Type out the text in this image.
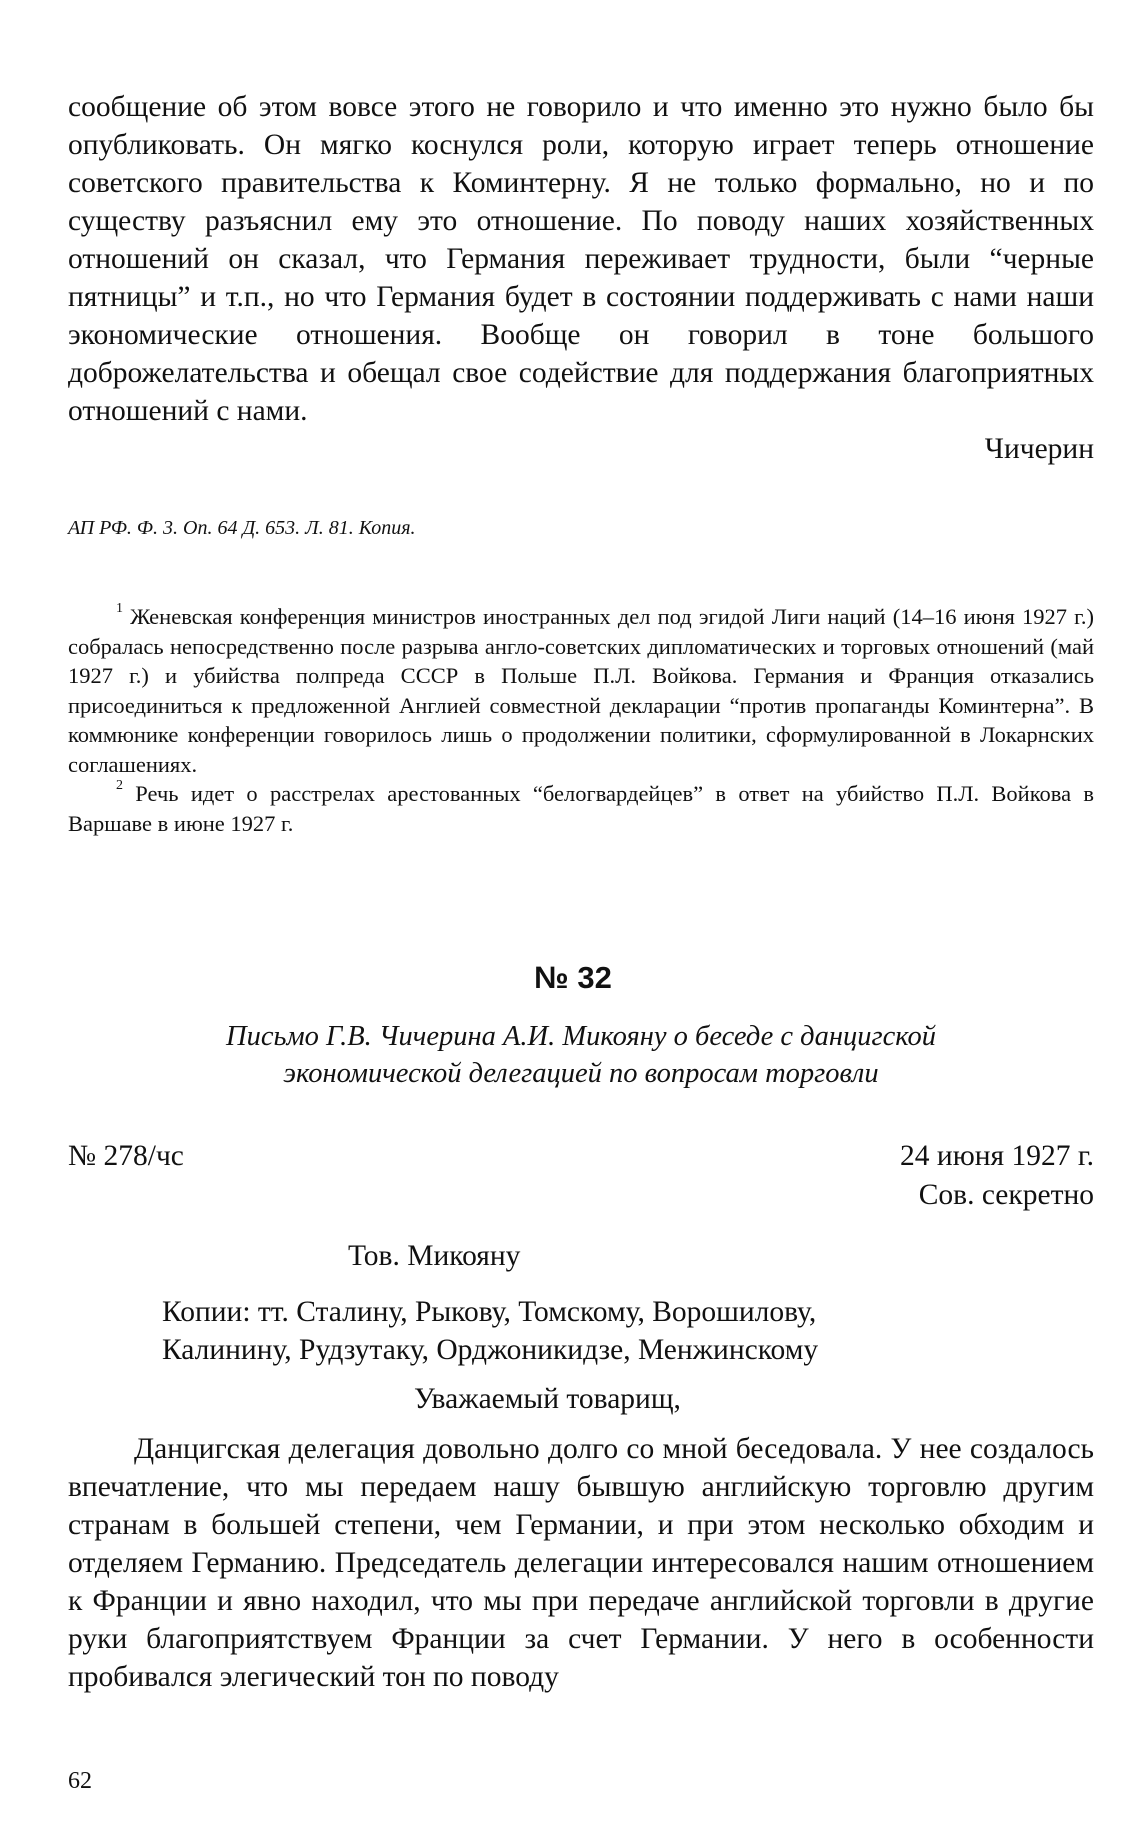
сообщение об этом вовсе этого не говорило и что именно это нужно было бы опубликовать. Он мягко коснулся роли, которую играет теперь отношение советского правительства к Коминтерну. Я не только формально, но и по существу разъяснил ему это отношение. По поводу наших хозяйственных отношений он сказал, что Германия переживает трудности, были “черные пятницы” и т.п., но что Германия будет в состоянии поддерживать с нами наши экономические отношения. Вообще он говорил в тоне большого доброжелательства и обещал свое содействие для поддержания благоприятных отношений с нами.

Чичерин

АП РФ. Ф. 3. Оп. 64 Д. 653. Л. 81. Копия.

$^1$ Женевская конференция министров иностранных дел под эгидой Лиги наций (14–16 июня 1927 г.) собралась непосредственно после разрыва англо-советских дипломатических и торговых отношений (май 1927 г.) и убийства полпреда СССР в Польше П.Л. Войкова. Германия и Франция отказались присоединиться к предложенной Англией совместной декларации “против пропаганды Коминтерна”. В коммюнике конференции говорилось лишь о продолжении политики, сформулированной в Локарнских соглашениях.

$^2$ Речь идет о расстрелах арестованных “белогвардейцев” в ответ на убийство П.Л. Войкова в Варшаве в июне 1927 г.

№ 32
Письмо Г.В. Чичерина А.И. Микояну о беседе с данцигской
экономической делегацией по вопросам торговли
№ 278/чс	24 июня 1927 г.
Сов. секретно
Тов. Микояну
Копии: тт. Сталину, Рыкову, Томскому, Ворошилову,
Калинину, Рудзутаку, Орджоникидзе, Менжинскому
Уважаемый товарищ,

Данцигская делегация довольно долго со мной беседовала. У нее создалось впечатление, что мы передаем нашу бывшую английскую торговлю другим странам в большей степени, чем Германии, и при этом несколько обходим и отделяем Германию. Председатель делегации интересовался нашим отношением к Франции и явно находил, что мы при передаче английской торговли в другие руки благоприятствуем Франции за счет Германии. У него в особенности пробивался элегический тон по поводу

62
